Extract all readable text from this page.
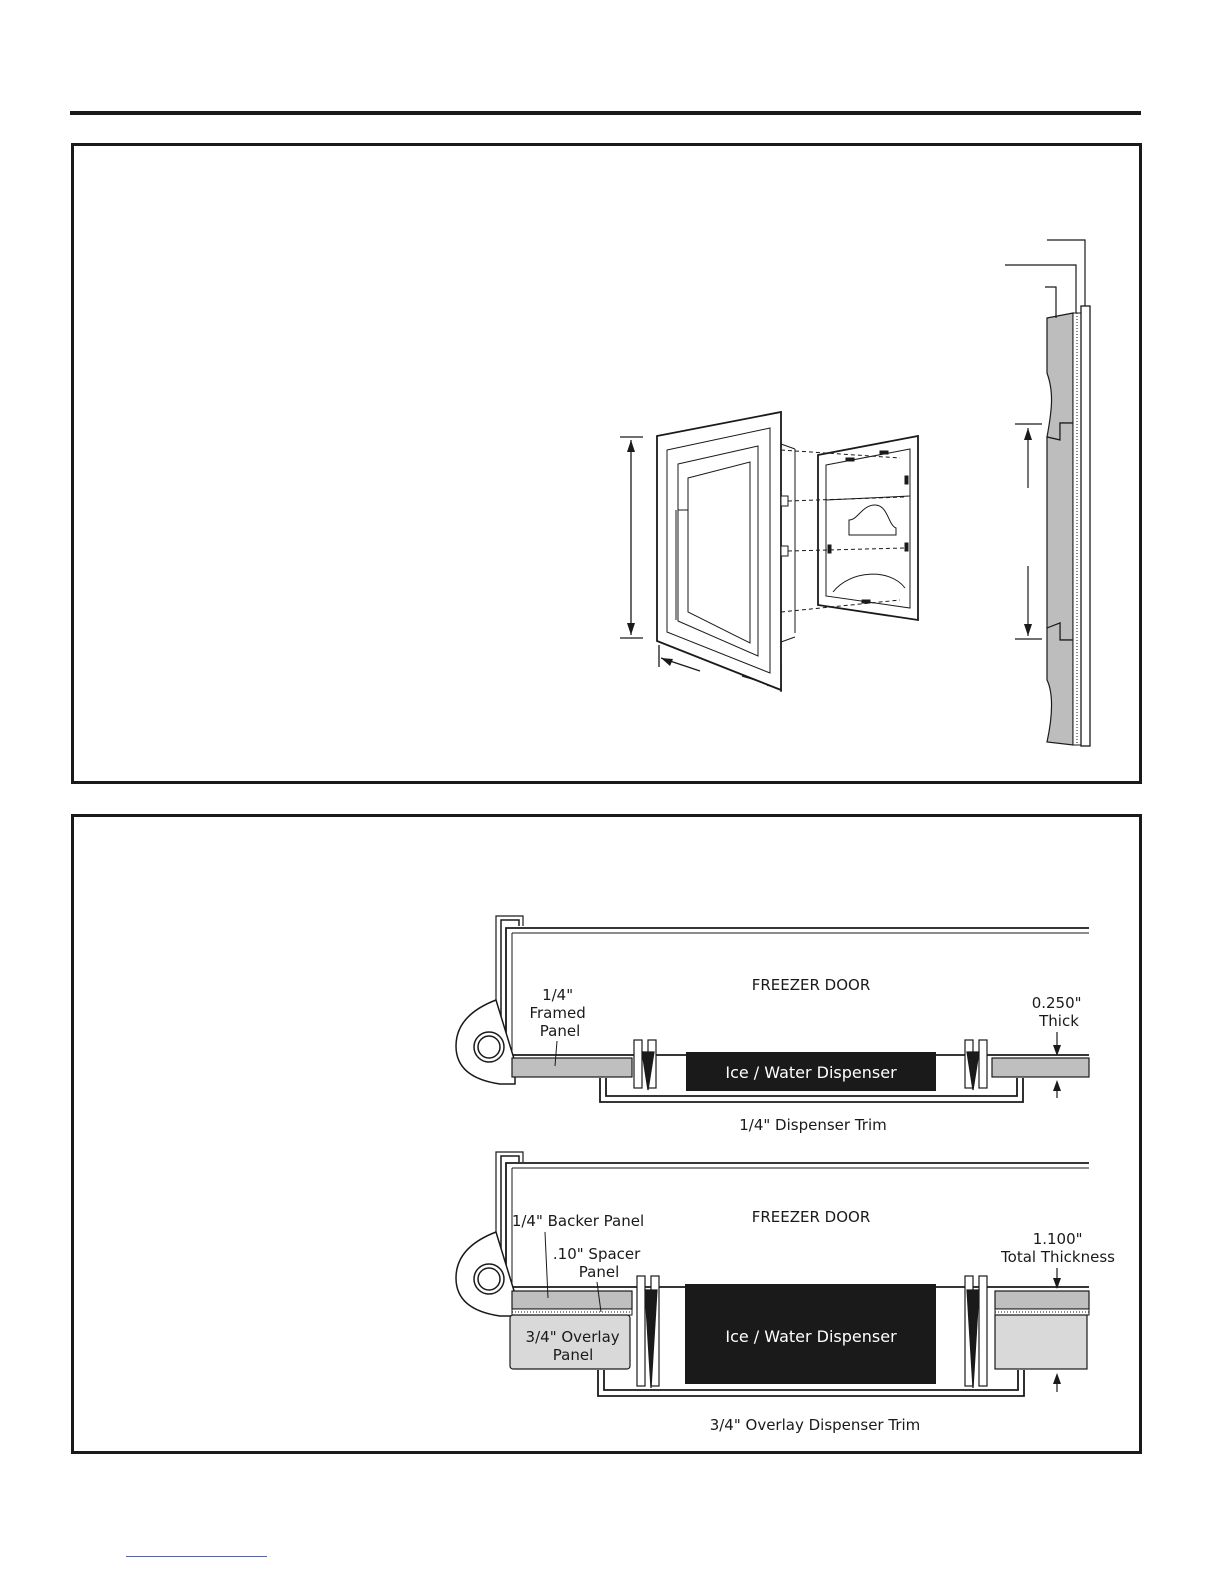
Ice / Water Dispenser
FREEZER DOOR
1/4" Framed Panel
0.250" Thick
1/4" Dispenser Trim
Ice / Water Dispenser
FREEZER DOOR
1/4" Backer Panel
.10" Spacer Panel
3/4" Overlay Panel
1.100" Total Thickness
3/4" Overlay Dispenser Trim
